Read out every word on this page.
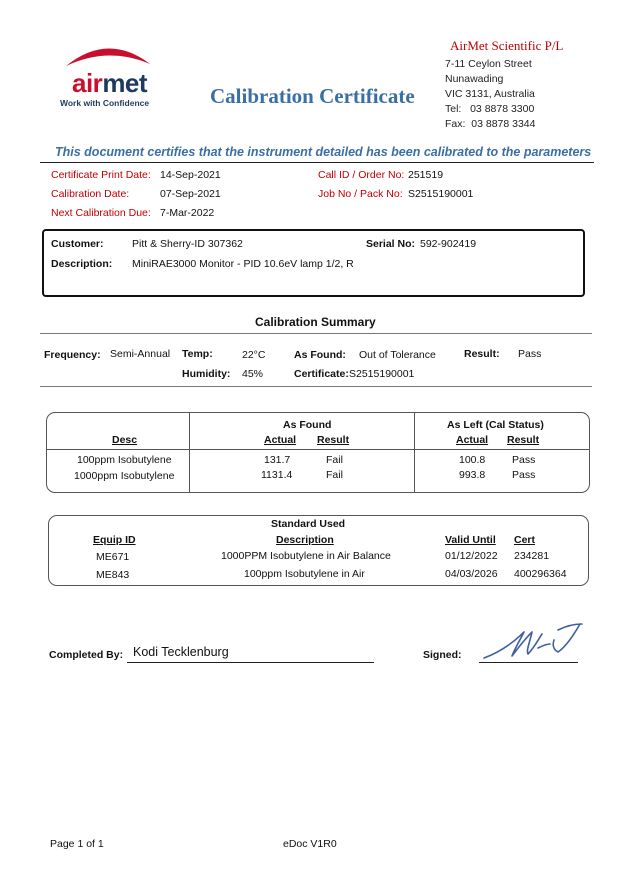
airmet
Work with Confidence	Calibration Certificate
AirMet Scientific P/L
7-11 Ceylon Street
Nunawading
VIC 3131, Australia
Tel:   03 8878 3300
Fax:  03 8878 3344
This document certifies that the instrument detailed has been calibrated to the parameters
Certificate Print Date: 14-Sep-2021
Calibration Date:	07-Sep-2021
Next Calibration Due: 7-Mar-2022
Call ID / Order No: 251519
Job No / Pack No: S2515190001
Customer:	Pitt & Sherry-ID 307362	Serial No: 592-902419
Description: MiniRAE3000 Monitor - PID 10.6eV lamp 1/2, R
Calibration Summary
Frequency: Semi-Annual Temp:	22°C	As Found: Out of Tolerance	Result: Pass
Humidity: 45%	Certificate: S2515190001
Desc
As Found
Actual Result
As Left (Cal Status)
Actual Result
100ppm Isobutylene	131.7	Fail	100.8	Pass
1000ppm Isobutylene	1131.4	Fail	993.8	Pass
Standard Used
Equip ID	Description	Valid Until Cert
ME671	1000PPM Isobutylene in Air Balance	01/12/2022 234281
ME843	100ppm Isobutylene in Air	04/03/2026 400296364
Completed By: Kodi Tecklenburg	Signed:
Page 1 of 1	eDoc V1R0
